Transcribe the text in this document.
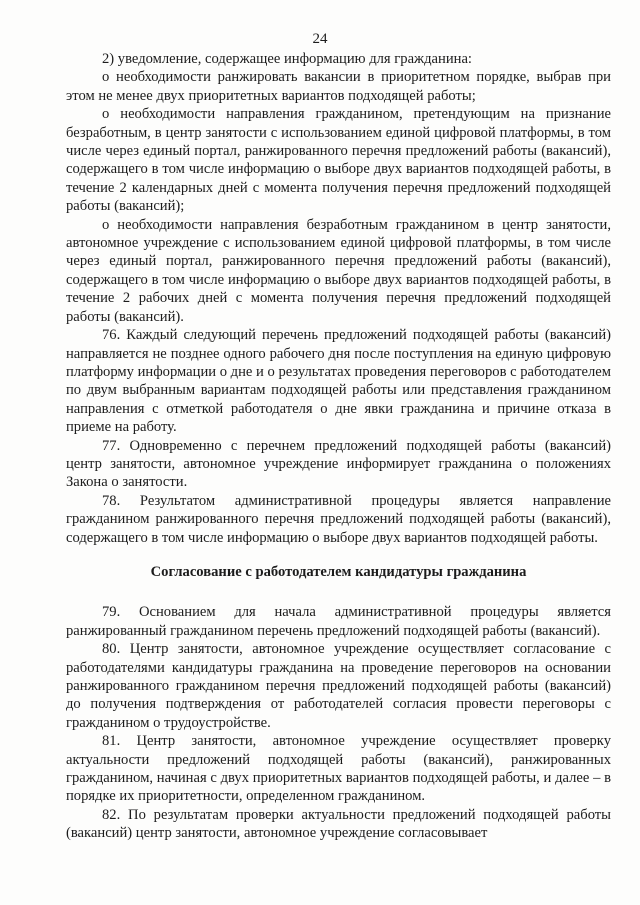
24

2) уведомление, содержащее информацию для гражданина:

о необходимости ранжировать вакансии в приоритетном порядке, выбрав при этом не менее двух приоритетных вариантов подходящей работы;

о необходимости направления гражданином, претендующим на признание безработным, в центр занятости с использованием единой цифровой платформы, в том числе через единый портал, ранжированного перечня предложений работы (вакансий), содержащего в том числе информацию о выборе двух вариантов подходящей работы, в течение 2 календарных дней с момента получения перечня предложений подходящей работы (вакансий);

о необходимости направления безработным гражданином в центр занятости, автономное учреждение с использованием единой цифровой платформы, в том числе через единый портал, ранжированного перечня предложений работы (вакансий), содержащего в том числе информацию о выборе двух вариантов подходящей работы, в течение 2 рабочих дней с момента получения перечня предложений подходящей работы (вакансий).

76. Каждый следующий перечень предложений подходящей работы (вакансий) направляется не позднее одного рабочего дня после поступления на единую цифровую платформу информации о дне и о результатах проведения переговоров с работодателем по двум выбранным вариантам подходящей работы или представления гражданином направления с отметкой работодателя о дне явки гражданина и причине отказа в приеме на работу.

77. Одновременно с перечнем предложений подходящей работы (вакансий) центр занятости, автономное учреждение информирует гражданина о положениях Закона о занятости.

78. Результатом административной процедуры является направление гражданином ранжированного перечня предложений подходящей работы (вакансий), содержащего в том числе информацию о выборе двух вариантов подходящей работы.

Согласование с работодателем кандидатуры гражданина

79. Основанием для начала административной процедуры является ранжированный гражданином перечень предложений подходящей работы (вакансий).

80. Центр занятости, автономное учреждение осуществляет согласование с работодателями кандидатуры гражданина на проведение переговоров на основании ранжированного гражданином перечня предложений подходящей работы (вакансий) до получения подтверждения от работодателей согласия провести переговоры с гражданином о трудоустройстве.

81. Центр занятости, автономное учреждение осуществляет проверку актуальности предложений подходящей работы (вакансий), ранжированных гражданином, начиная с двух приоритетных вариантов подходящей работы, и далее – в порядке их приоритетности, определенном гражданином.

82. По результатам проверки актуальности предложений подходящей работы (вакансий) центр занятости, автономное учреждение согласовывает
